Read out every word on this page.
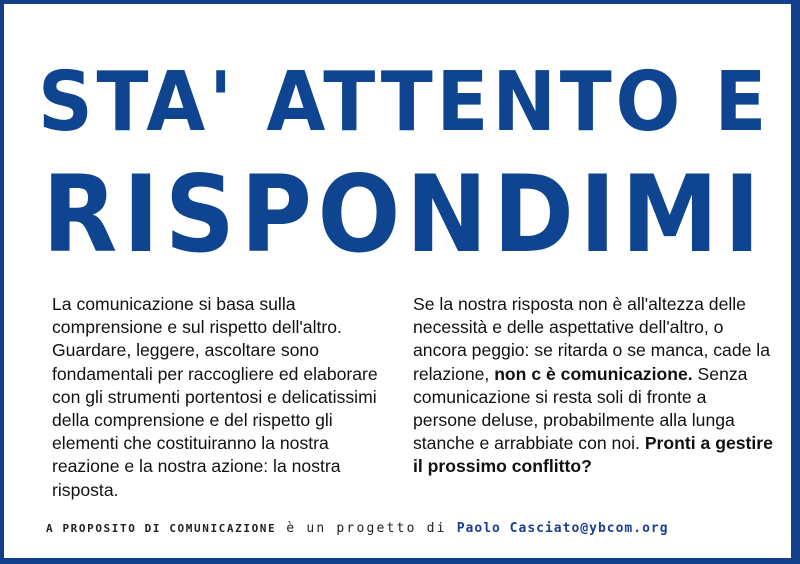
STA' ATTENTO E
RISPONDIMI

La comunicazione si basa sulla comprensione e sul rispetto dell'altro. Guardare, leggere, ascoltare sono fondamentali per raccogliere ed elaborare con gli strumenti portentosi e delicatissimi della comprensione e del rispetto gli elementi che costituiranno la nostra reazione e la nostra azione: la nostra risposta.

Se la nostra risposta non è all'altezza delle necessità e delle aspettative dell'altro, o ancora peggio: se ritarda o se manca, cade la relazione, non c è comunicazione. Senza comunicazione si resta soli di fronte a persone deluse, probabilmente alla lunga stanche e arrabbiate con noi. Pronti a gestire il prossimo conflitto?

A PROPOSITO DI COMUNICAZIONE è un progetto di Paolo Casciato@ybcom.org
